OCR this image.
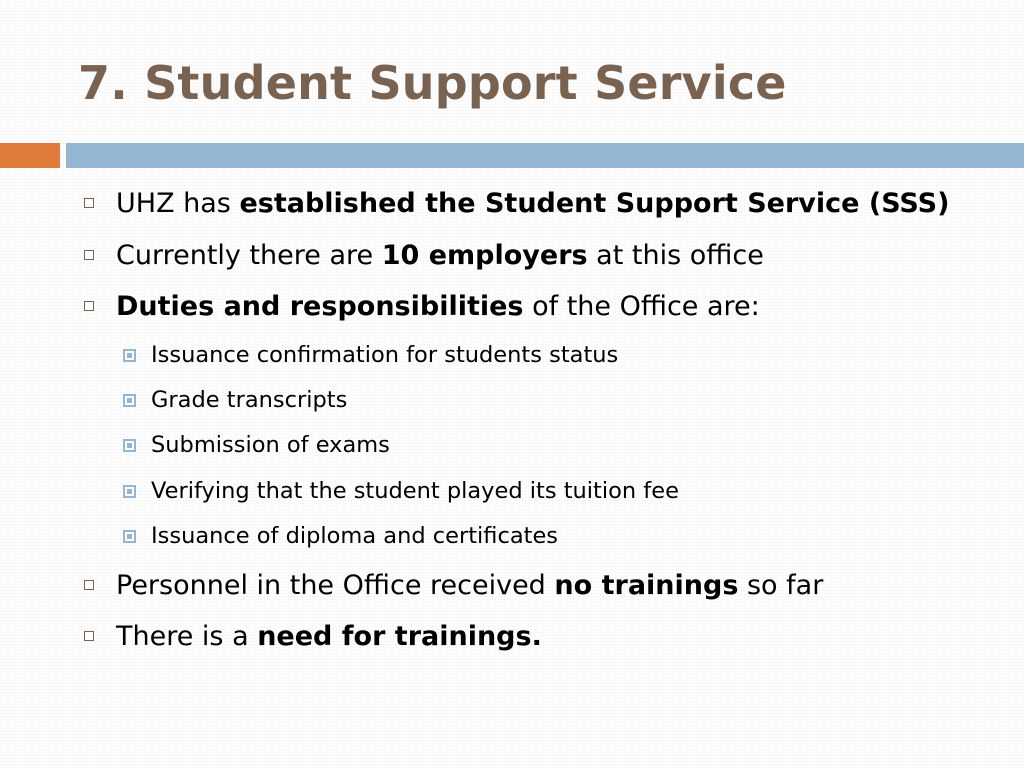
7. Student Support Service
UHZ has established the Student Support Service (SSS)
Currently there are 10 employers at this office
Duties and responsibilities of the Office are:
Issuance confirmation for students status
Grade transcripts
Submission of exams
Verifying that the student played its tuition fee
Issuance of diploma and certificates
Personnel in the Office received no trainings so far
There is a need for trainings.
